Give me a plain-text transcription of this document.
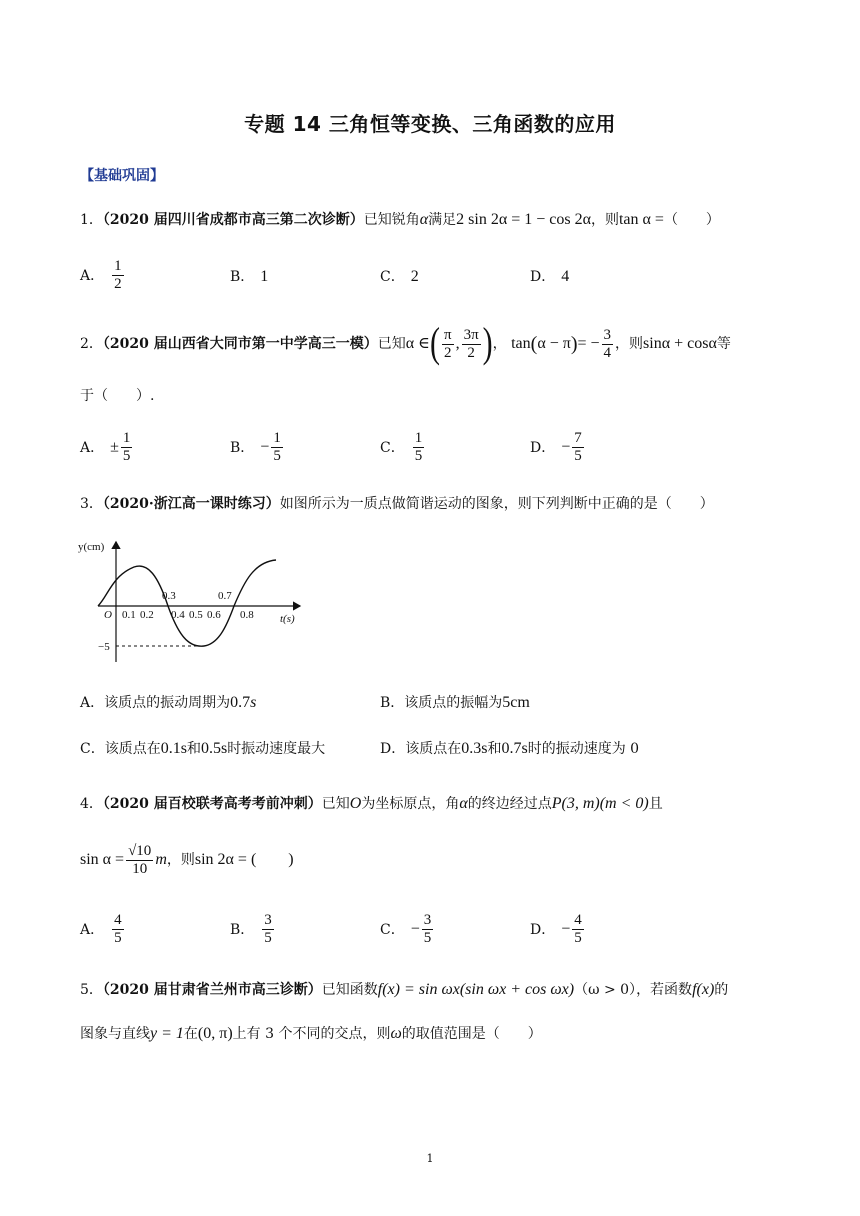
专题 14 三角恒等变换、三角函数的应用
【基础巩固】
1．（2020 届四川省成都市高三第二次诊断）已知锐角α满足2 sin 2α = 1 − cos 2α，则tan α =（　　）
A． $\frac{1}{2}$	B． 1	C． 2	D． 4
2．（2020 届山西省大同市第一中学高三一模）已知α ∈( $\frac{\pi}{2}$ , $\frac{3\pi}{2}$ )， $\tan(\alpha - \pi)= - \frac{3}{4}$ ，则sinα + cosα等
于（　　）.
A． ± $\frac{1}{5}$	B． − $\frac{1}{5}$	C． $\frac{1}{5}$	D． − $\frac{7}{5}$
3．（2020·浙江高一课时练习）如图所示为一质点做简谐运动的图象，则下列判断中正确的是（　　）
y(cm)
t(s)
O 0.1 0.2 0.4 0.5 0.6 0.8
0.3	0.7
−5
A．该质点的振动周期为0.7s	B．该质点的振幅为5cm
C．该质点在0.1s和0.5s时振动速度最大	D．该质点在0.3s和0.7s时的振动速度为 0
4．（2020 届百校联考高考考前冲刺）已知O为坐标原点，角α的终边经过点P(3, m)(m < 0)且
$\sin \alpha = \frac{√10}{10}$ m，则sin 2α = (　　)
A． $\frac{4}{5}$	B． $\frac{3}{5}$	C． − $\frac{3}{5}$	D． − $\frac{4}{5}$
5．（2020 届甘肃省兰州市高三诊断）已知函数f(x) = sin ωx(sin ωx + cos ωx)（ω > 0），若函数f(x)的
图象与直线y = 1在(0, π)上有 3 个不同的交点，则ω的取值范围是（　　）
1
